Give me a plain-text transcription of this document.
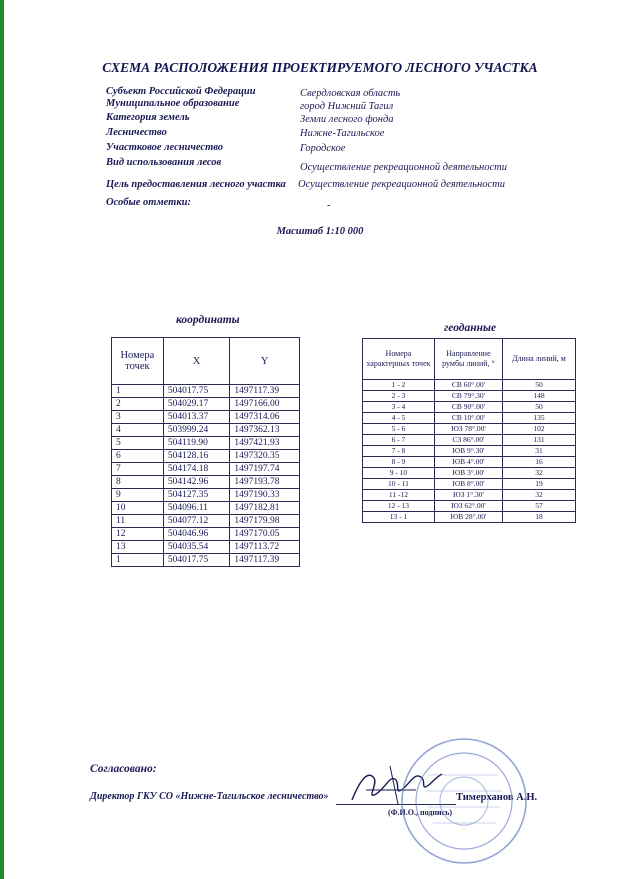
СХЕМА РАСПОЛОЖЕНИЯ ПРОЕКТИРУЕМОГО ЛЕСНОГО УЧАСТКА
Субъект Российской Федерации	Свердловская область
Муниципальное образование	город Нижний Тагил
Категория земель	Земли лесного фонда
Лесничество	Нижне-Тагильское
Участковое лесничество	Городское
Вид использования лесов	Осуществление рекреационной деятельности
Цель предоставления лесного участка Осуществление рекреационной деятельности
Особые отметки:	-
Масштаб 1:10 000
координаты
геоданные
Номера точек	X	Y
1	504017.75	1497117.39
2	504029.17	1497166.00
3	504013.37	1497314.06
4	503999.24	1497362.13
5	504119.90	1497421.93
6	504128.16	1497320.35
7	504174.18	1497197.74
8	504142.96	1497193.78
9	504127.35	1497190.33
10	504096.11	1497182.81
11	504077.12	1497179.98
12	504046.96	1497170.05
13	504035.54	1497113.72
1	504017.75	1497117.39
Номера характерных точек	Направление румбы линий, °	Длина линий, м
1 - 2	СВ 60°.00'	50
2 - 3	СВ 79°.30'	148
3 - 4	СВ 90°.00'	50
4 - 5	СВ 10°.00'	135
5 - 6	ЮЗ 78°.00'	102
6 - 7	СЗ 86°.00'	131
7 - 8	ЮВ 9°.30'	31
8 - 9	ЮВ 4°.00'	16
9 - 10	ЮВ 3°.00'	32
10 - 11	ЮВ 8°.00'	19
11 -12	ЮЗ 1°.30'	32
12 - 13	ЮЗ 62°.00'	57
13 - 1	ЮВ 28°.00'	18
Согласовано:
Директор ГКУ СО «Нижне-Тагильское лесничество»
(Ф.И.О., подпись)
Тимерханов А.Н.
